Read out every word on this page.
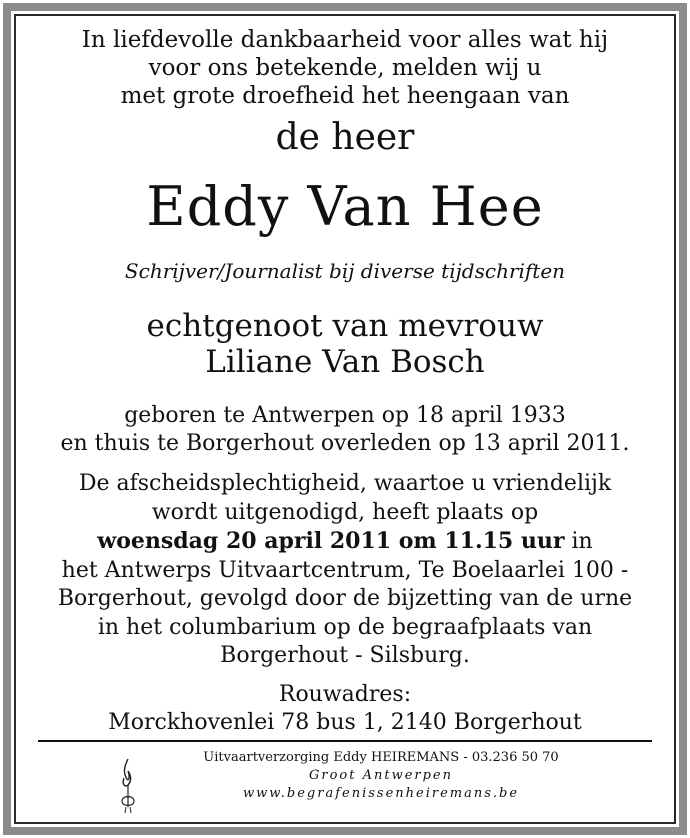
In liefdevolle dankbaarheid voor alles wat hij
voor ons betekende, melden wij u
met grote droefheid het heengaan van
de heer
Eddy Van Hee
Schrijver/Journalist bij diverse tijdschriften
echtgenoot van mevrouw
Liliane Van Bosch
geboren te Antwerpen op 18 april 1933
en thuis te Borgerhout overleden op 13 april 2011.
De afscheidsplechtigheid, waartoe u vriendelijk
wordt uitgenodigd, heeft plaats op
woensdag 20 april 2011 om 11.15 uur in
het Antwerps Uitvaartcentrum, Te Boelaarlei 100 -
Borgerhout, gevolgd door de bijzetting van de urne
in het columbarium op de begraafplaats van
Borgerhout - Silsburg.
Rouwadres:
Morckhovenlei 78 bus 1, 2140 Borgerhout
Uitvaartverzorging Eddy HEIREMANS - 03.236 50 70
Groot Antwerpen
www.begrafenissenheiremans.be
